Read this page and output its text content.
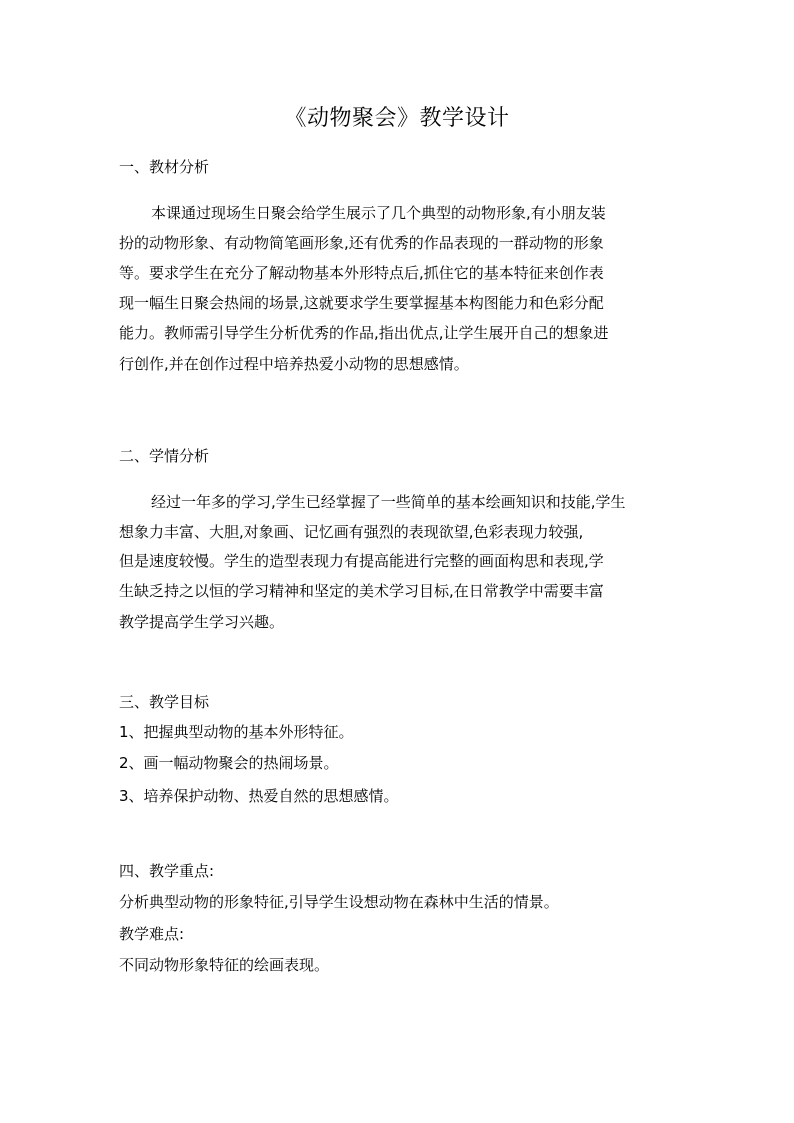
《动物聚会》教学设计
一、教材分析
本课通过现场生日聚会给学生展示了几个典型的动物形象,有小朋友装
扮的动物形象、有动物简笔画形象,还有优秀的作品表现的一群动物的形象
等。要求学生在充分了解动物基本外形特点后,抓住它的基本特征来创作表
现一幅生日聚会热闹的场景,这就要求学生要掌握基本构图能力和色彩分配
能力。教师需引导学生分析优秀的作品,指出优点,让学生展开自己的想象进
行创作,并在创作过程中培养热爱小动物的思想感情。
二、学情分析
经过一年多的学习,学生已经掌握了一些简单的基本绘画知识和技能,学生
想象力丰富、大胆,对象画、记忆画有强烈的表现欲望,色彩表现力较强,
但是速度较慢。学生的造型表现力有提高能进行完整的画面构思和表现,学
生缺乏持之以恒的学习精神和坚定的美术学习目标,在日常教学中需要丰富
教学提高学生学习兴趣。
三、教学目标
1、把握典型动物的基本外形特征。
2、画一幅动物聚会的热闹场景。
3、培养保护动物、热爱自然的思想感情。
四、教学重点:
分析典型动物的形象特征,引导学生设想动物在森林中生活的情景。
教学难点:
不同动物形象特征的绘画表现。
